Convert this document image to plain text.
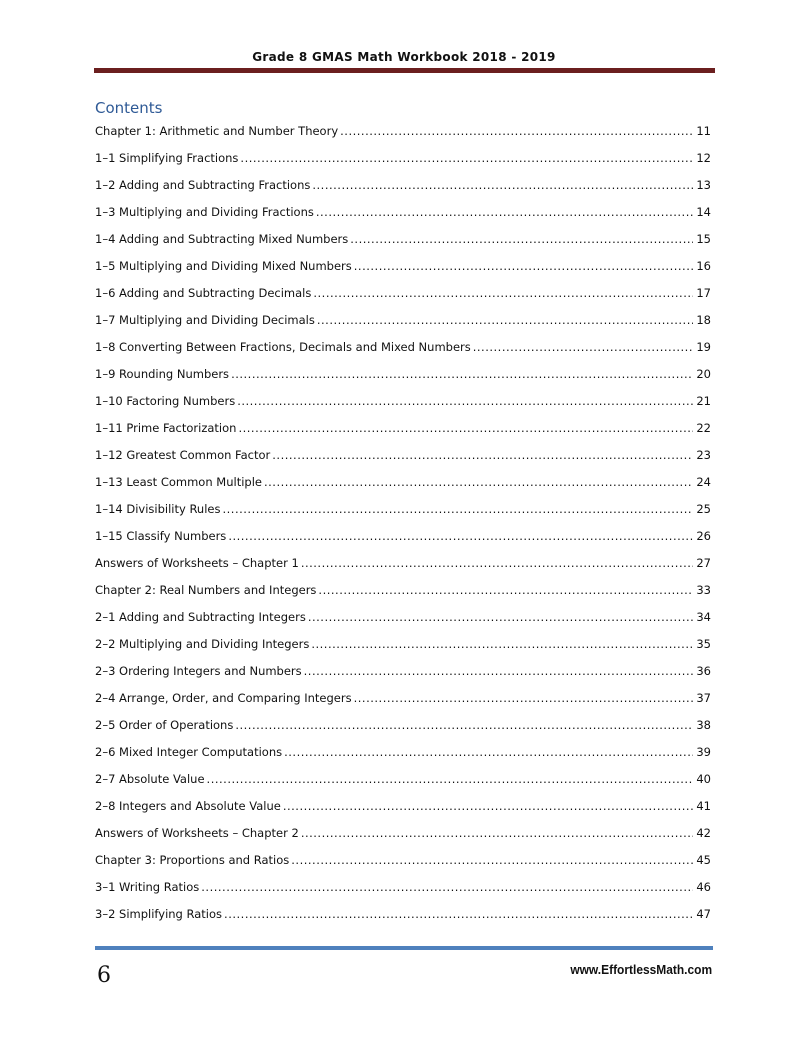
Grade 8 GMAS Math Workbook 2018 - 2019
Contents
Chapter 1: Arithmetic and Number Theory .....	11
1–1 Simplifying Fractions .....	12
1–2 Adding and Subtracting Fractions .....	13
1–3 Multiplying and Dividing Fractions .....	14
1–4 Adding and Subtracting Mixed Numbers .....	15
1–5 Multiplying and Dividing Mixed Numbers .....	16
1–6 Adding and Subtracting Decimals .....	17
1–7 Multiplying and Dividing Decimals .....	18
1–8 Converting Between Fractions, Decimals and Mixed Numbers .....	19
1–9 Rounding Numbers .....	20
1–10 Factoring Numbers .....	21
1–11 Prime Factorization .....	22
1–12 Greatest Common Factor .....	23
1–13 Least Common Multiple .....	24
1–14 Divisibility Rules .....	25
1–15 Classify Numbers .....	26
Answers of Worksheets – Chapter 1 .....	27
Chapter 2: Real Numbers and Integers .....	33
2–1 Adding and Subtracting Integers .....	34
2–2 Multiplying and Dividing Integers .....	35
2–3 Ordering Integers and Numbers .....	36
2–4 Arrange, Order, and Comparing Integers .....	37
2–5 Order of Operations .....	38
2–6 Mixed Integer Computations .....	39
2–7 Absolute Value .....	40
2–8 Integers and Absolute Value .....	41
Answers of Worksheets – Chapter 2 .....	42
Chapter 3: Proportions and Ratios .....	45
3–1 Writing Ratios .....	46
3–2 Simplifying Ratios .....	47
6	www.EffortlessMath.com
